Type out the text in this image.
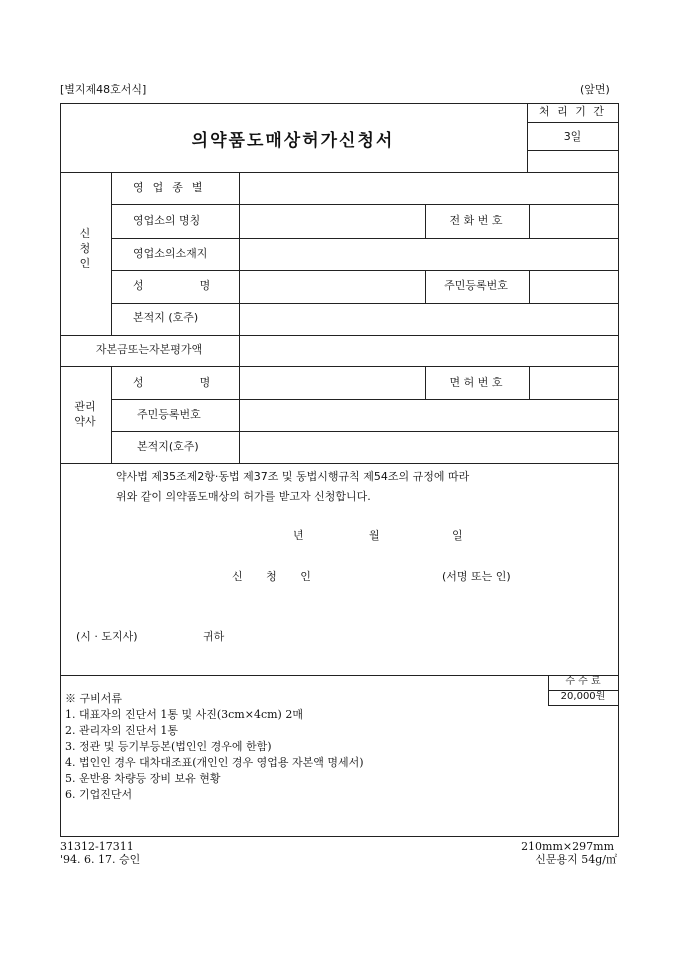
[별지제48호서식]	(앞면)
의약품도매상허가신청서
처 리 기 간
3일
신
청
인
영업종별
영업소의 명칭	전 화 번 호
영업소의소재지
성명	주민등록번호
본적지 (호주)
자본금또는자본평가액
관리
약사
성명	면 허 번 호
주민등록번호
본적지(호주)
약사법 제35조제2항·동법 제37조 및 동법시행규칙 제54조의 규정에 따라
위와 같이 의약품도매상의 허가를 받고자 신청합니다.
년	월	일
신 청 인	(서명 또는 인)
(시 · 도지사)	귀하
수 수 료
20,000원
※ 구비서류
1. 대표자의 진단서 1통 및 사진(3cm×4cm) 2매
2. 관리자의 진단서 1통
3. 정관 및 등기부등본(법인인 경우에 한함)
4. 법인인 경우 대차대조표(개인인 경우 영업용 자본액 명세서)
5. 운반용 차량등 장비 보유 현황
6. 기업진단서
31312-17311
'94. 6. 17. 승인
210mm×297mm
신문용지 54g/㎡
